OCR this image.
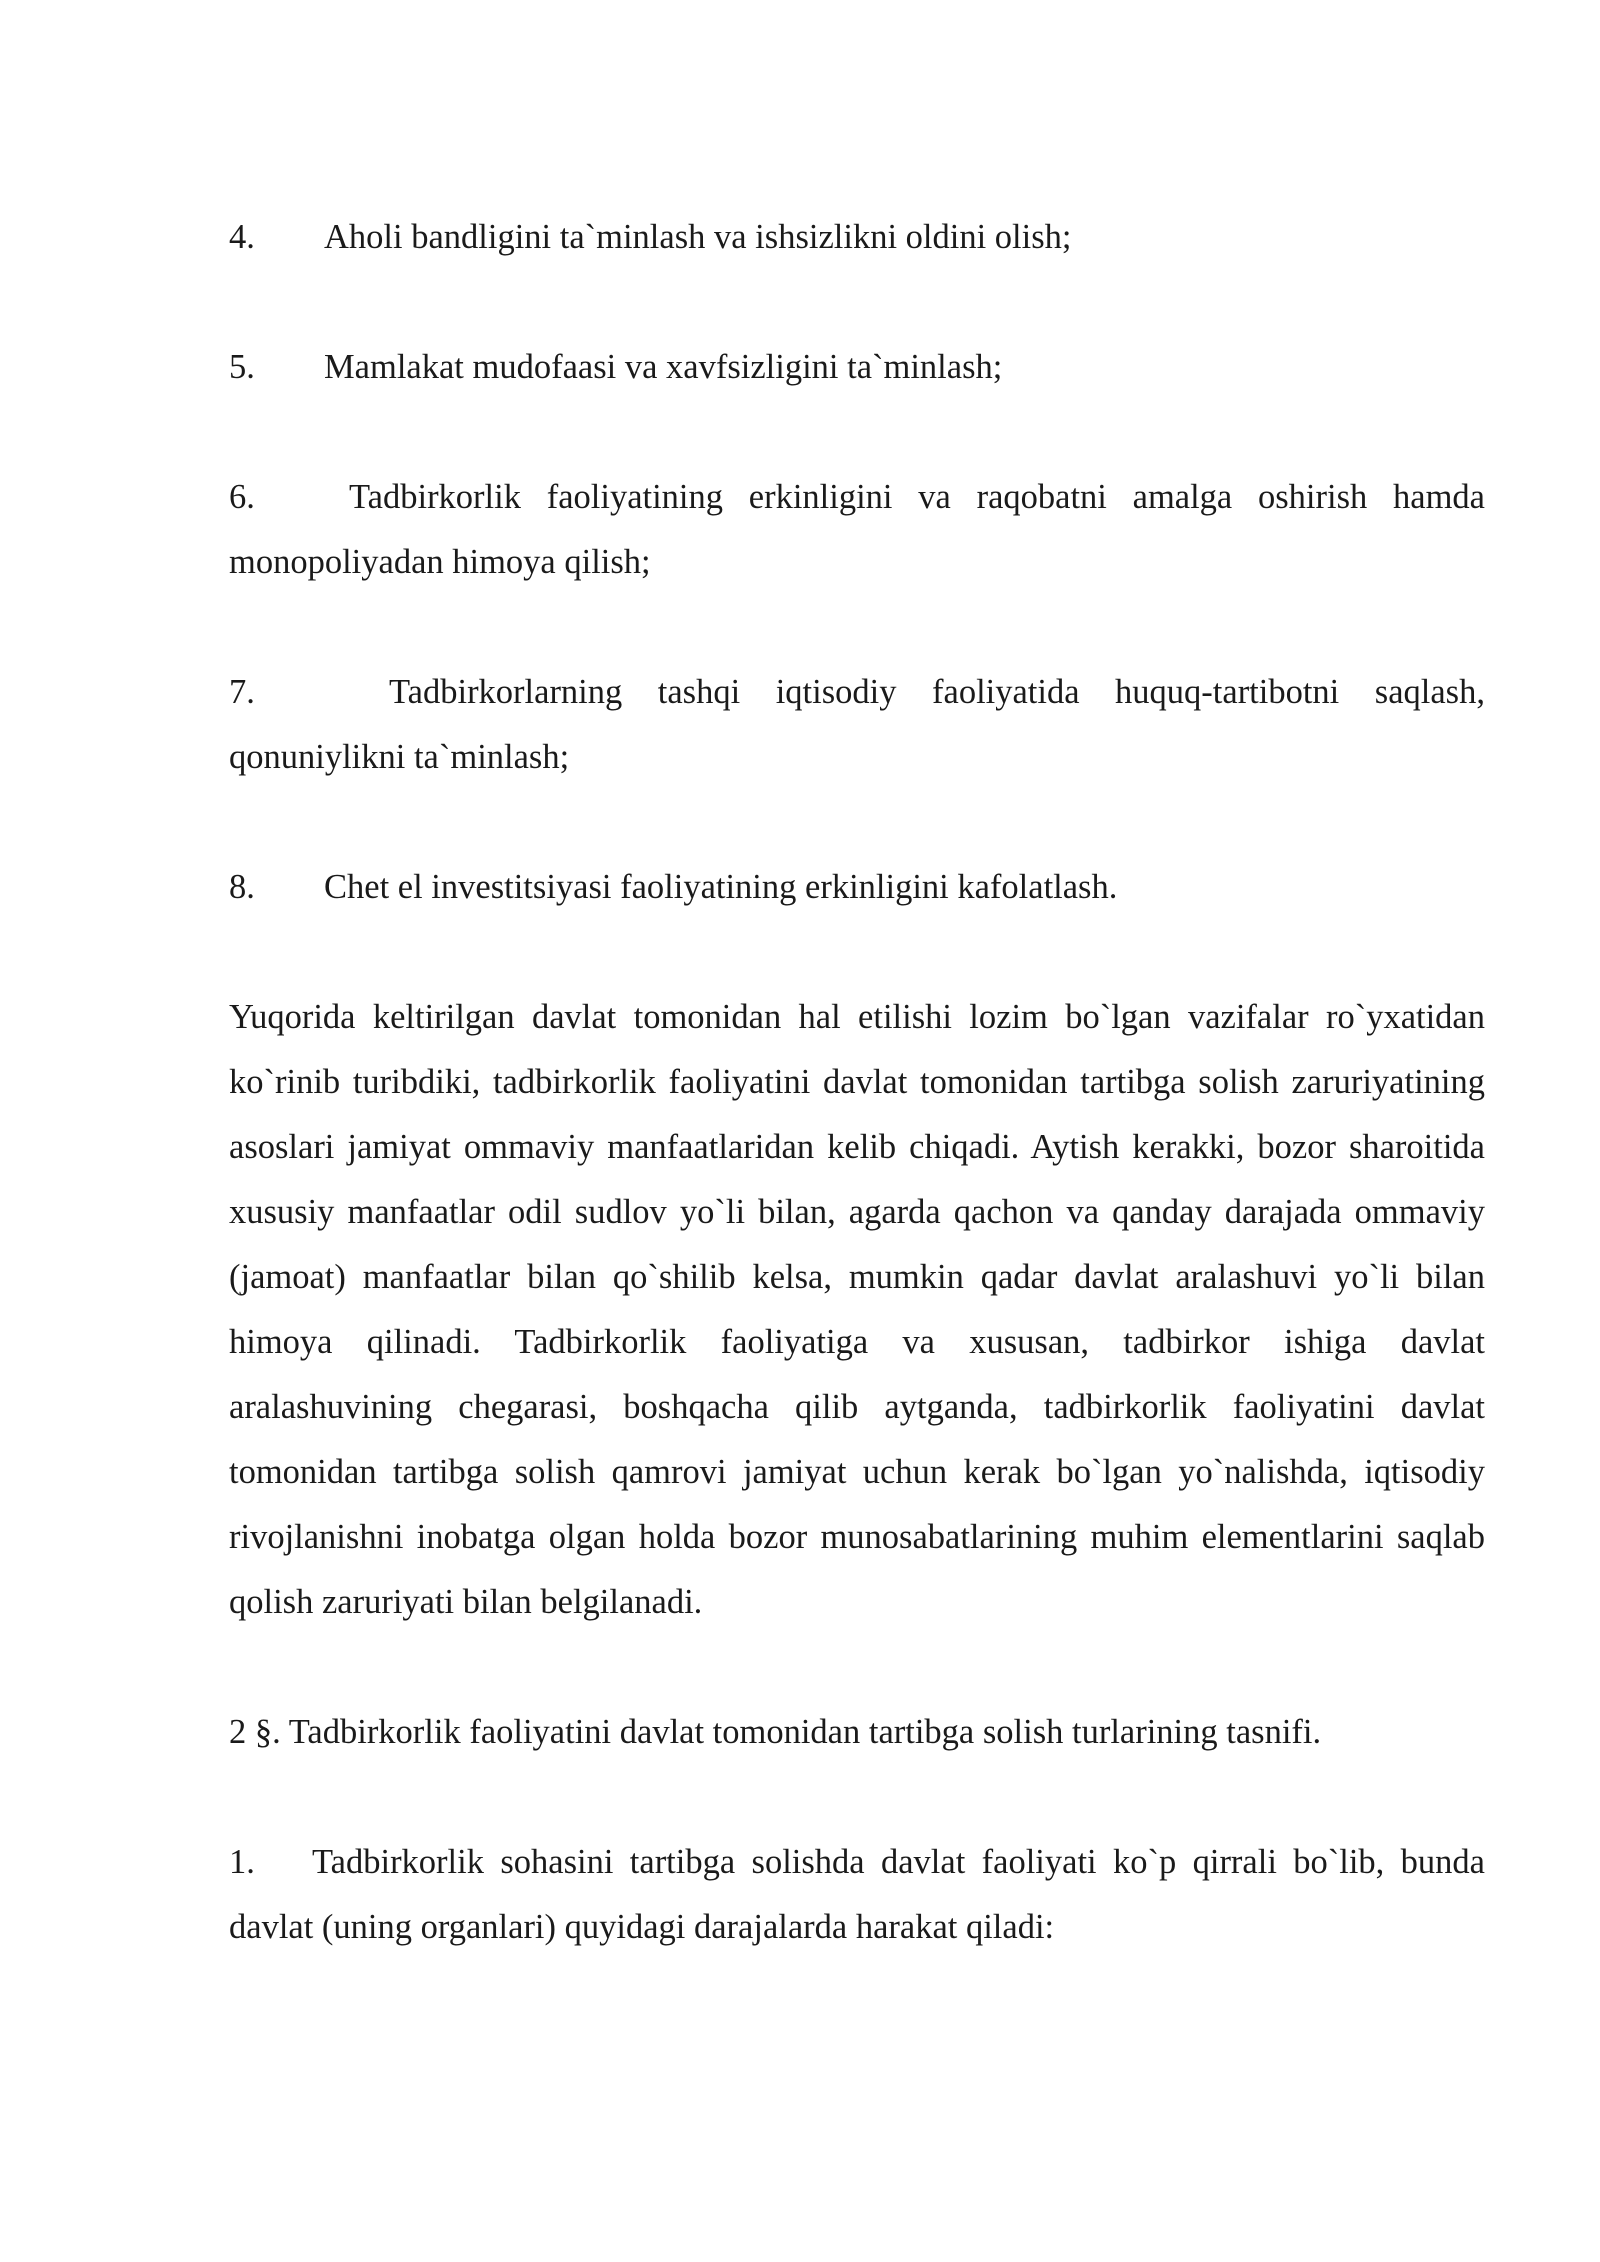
4. Aholi bandligini ta`minlash va ishsizlikni oldini olish;

5. Mamlakat mudofaasi va xavfsizligini ta`minlash;

6.	Tadbirkorlik faoliyatining erkinligini va raqobatni amalga oshirish hamda monopoliyadan himoya qilish;

7.	Tadbirkorlarning tashqi iqtisodiy faoliyatida huquq-tartibotni saqlash, qonuniylikni ta`minlash;

8. Chet el investitsiyasi faoliyatining erkinligini kafolatlash.

Yuqorida keltirilgan davlat tomonidan hal etilishi lozim bo`lgan vazifalar ro`yxatidan ko`rinib turibdiki, tadbirkorlik faoliyatini davlat tomonidan tartibga solish zaruriyatining asoslari jamiyat ommaviy manfaatlaridan kelib chiqadi. Aytish kerakki, bozor sharoitida xususiy manfaatlar odil sudlov yo`li bilan, agarda qachon va qanday darajada ommaviy (jamoat) manfaatlar bilan qo`shilib kelsa, mumkin qadar davlat aralashuvi yo`li bilan himoya qilinadi. Tadbirkorlik faoliyatiga va xususan, tadbirkor ishiga davlat aralashuvining chegarasi, boshqacha qilib aytganda, tadbirkorlik faoliyatini davlat tomonidan tartibga solish qamrovi jamiyat uchun kerak bo`lgan yo`nalishda, iqtisodiy rivojlanishni inobatga olgan holda bozor munosabatlarining muhim elementlarini saqlab qolish zaruriyati bilan belgilanadi.

2 §. Tadbirkorlik faoliyatini davlat tomonidan tartibga solish turlarining tasnifi.

1. Tadbirkorlik sohasini tartibga solishda davlat faoliyati ko`p qirrali bo`lib, bunda davlat (uning organlari) quyidagi darajalarda harakat qiladi:
